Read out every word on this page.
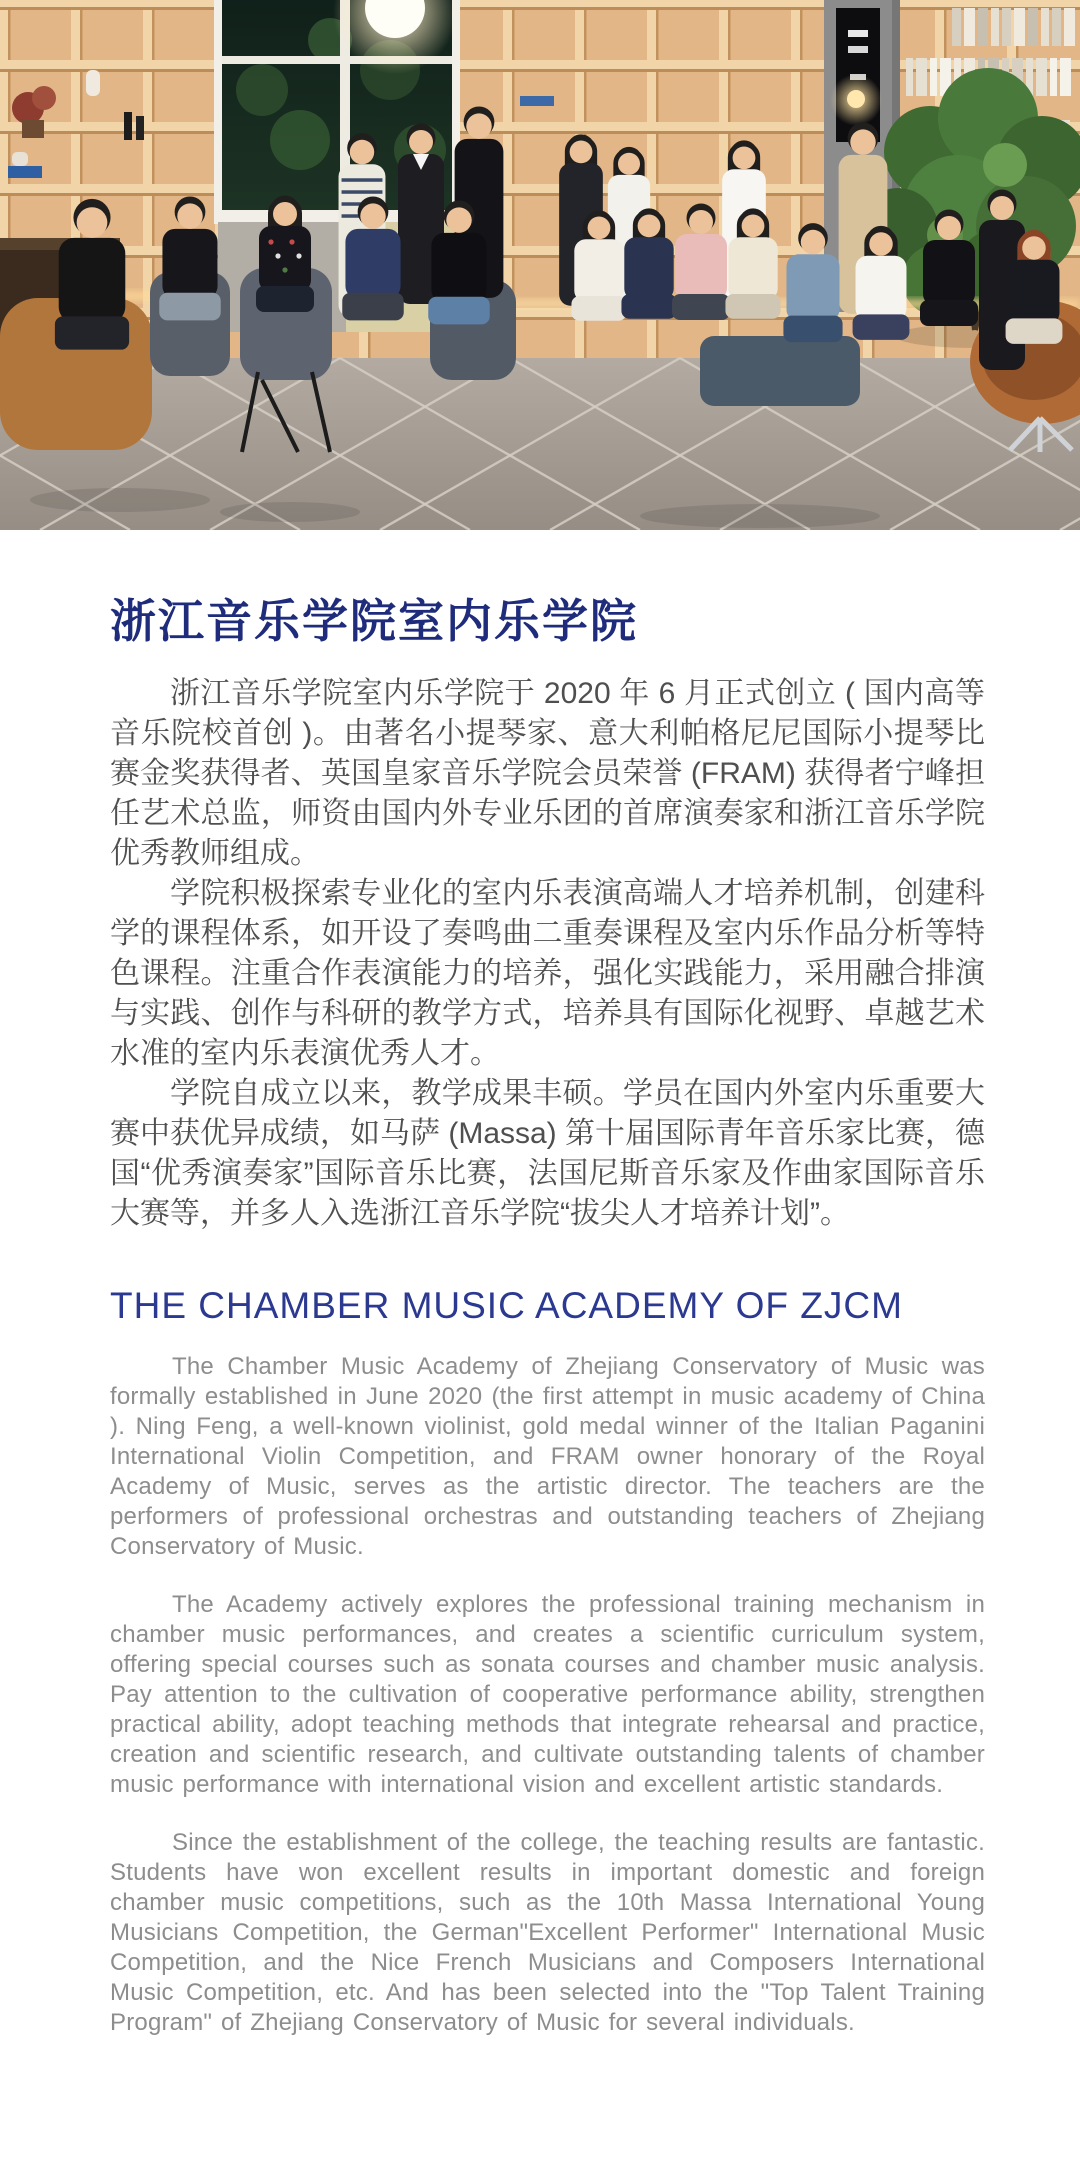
浙江音乐学院室内乐学院

浙江音乐学院室内乐学院于 2020 年 6 月正式创立 ( 国内高等音乐院校首创 )。由著名小提琴家、意大利帕格尼尼国际小提琴比赛金奖获得者、英国皇家音乐学院会员荣誉 (FRAM) 获得者宁峰担任艺术总监，师资由国内外专业乐团的首席演奏家和浙江音乐学院优秀教师组成。

学院积极探索专业化的室内乐表演高端人才培养机制，创建科学的课程体系，如开设了奏鸣曲二重奏课程及室内乐作品分析等特色课程。注重合作表演能力的培养，强化实践能力，采用融合排演与实践、创作与科研的教学方式，培养具有国际化视野、卓越艺术水准的室内乐表演优秀人才。

学院自成立以来，教学成果丰硕。学员在国内外室内乐重要大赛中获优异成绩，如马萨 (Massa) 第十届国际青年音乐家比赛，德国“优秀演奏家”国际音乐比赛，法国尼斯音乐家及作曲家国际音乐大赛等，并多人入选浙江音乐学院“拔尖人才培养计划”。

THE CHAMBER MUSIC ACADEMY OF ZJCM

The Chamber Music Academy of Zhejiang Conservatory of Music was formally established in June 2020 (the first attempt in music academy of China ). Ning Feng, a well-known violinist, gold medal winner of the Italian Paganini International Violin Competition, and FRAM owner honorary of the Royal Academy of Music, serves as the artistic director. The teachers are the performers of professional orchestras and outstanding teachers of Zhejiang Conservatory of Music.

The Academy actively explores the professional training mechanism in chamber music performances, and creates a scientific curriculum system, offering special courses such as sonata courses and chamber music analysis. Pay attention to the cultivation of cooperative performance ability, strengthen practical ability, adopt teaching methods that integrate rehearsal and practice, creation and scientific research, and cultivate outstanding talents of chamber music performance with international vision and excellent artistic standards.

Since the establishment of the college, the teaching results are fantastic. Students have won excellent results in important domestic and foreign chamber music competitions, such as the 10th Massa International Young Musicians Competition, the German"Excellent Performer" International Music Competition, and the Nice French Musicians and Composers International Music Competition, etc. And has been selected into the "Top Talent Training Program" of Zhejiang Conservatory of Music for several individuals.
